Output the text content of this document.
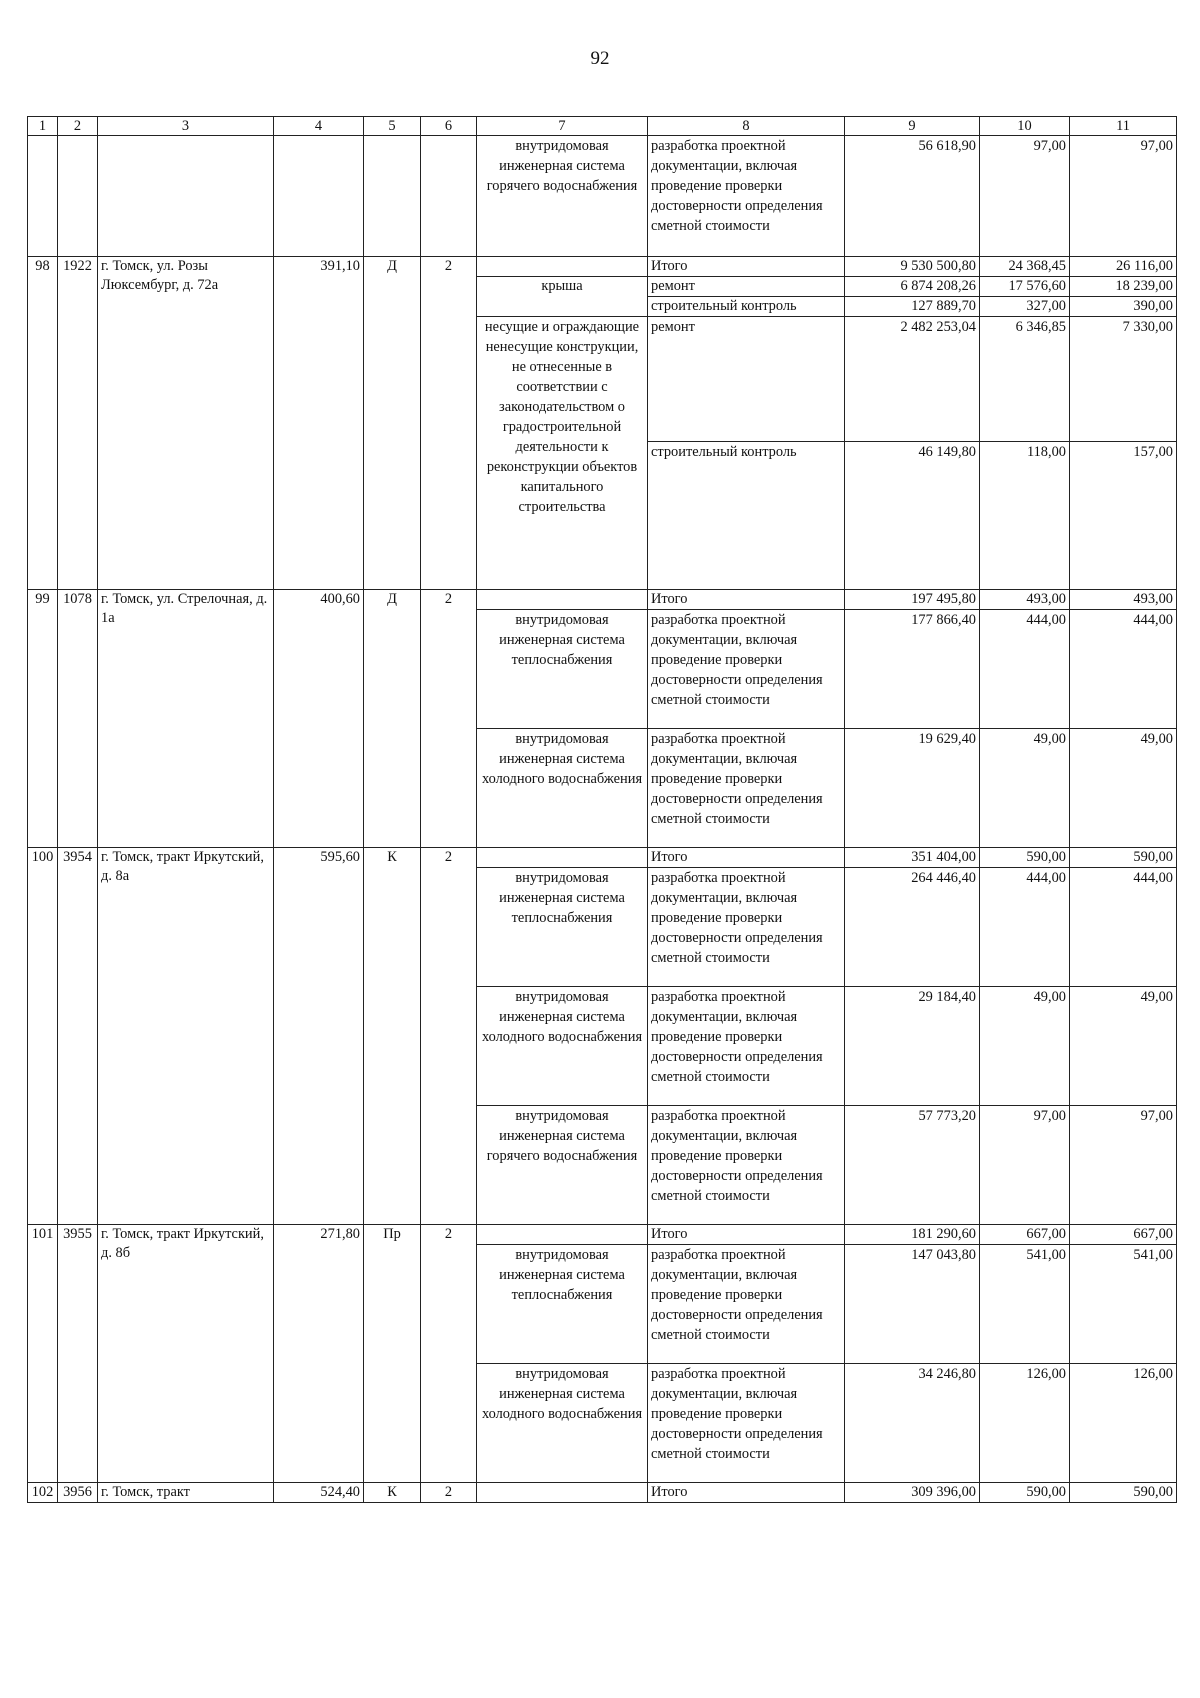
92
1	2	3	4	5	6	7	8	9	10	11
						внутридомовая инженерная система горячего водоснабжения	разработка проектной документации, включая проведение проверки достоверности определения сметной стоимости	56 618,90	97,00	97,00
98	1922	г. Томск, ул. Розы Люксембург, д. 72а	391,10	Д	2		Итого	9 530 500,80	24 368,45	26 116,00
						крыша	ремонт	6 874 208,26	17 576,60	18 239,00
							строительный контроль	127 889,70	327,00	390,00
						несущие и ограждающие ненесущие конструкции, не отнесенные в соответствии с законодательством о градостроительной деятельности к реконструкции объектов капитального строительства	ремонт	2 482 253,04	6 346,85	7 330,00
							строительный контроль	46 149,80	118,00	157,00
99	1078	г. Томск, ул. Стрелочная, д. 1а	400,60	Д	2		Итого	197 495,80	493,00	493,00
						внутридомовая инженерная система теплоснабжения	разработка проектной документации, включая проведение проверки достоверности определения сметной стоимости	177 866,40	444,00	444,00
						внутридомовая инженерная система холодного водоснабжения	разработка проектной документации, включая проведение проверки достоверности определения сметной стоимости	19 629,40	49,00	49,00
100	3954	г. Томск, тракт Иркутский, д. 8а	595,60	К	2		Итого	351 404,00	590,00	590,00
						внутридомовая инженерная система теплоснабжения	разработка проектной документации, включая проведение проверки достоверности определения сметной стоимости	264 446,40	444,00	444,00
						внутридомовая инженерная система холодного водоснабжения	разработка проектной документации, включая проведение проверки достоверности определения сметной стоимости	29 184,40	49,00	49,00
						внутридомовая инженерная система горячего водоснабжения	разработка проектной документации, включая проведение проверки достоверности определения сметной стоимости	57 773,20	97,00	97,00
101	3955	г. Томск, тракт Иркутский, д. 8б	271,80	Пр	2		Итого	181 290,60	667,00	667,00
						внутридомовая инженерная система теплоснабжения	разработка проектной документации, включая проведение проверки достоверности определения сметной стоимости	147 043,80	541,00	541,00
						внутридомовая инженерная система холодного водоснабжения	разработка проектной документации, включая проведение проверки достоверности определения сметной стоимости	34 246,80	126,00	126,00
102	3956	г. Томск, тракт	524,40	К	2		Итого	309 396,00	590,00	590,00
